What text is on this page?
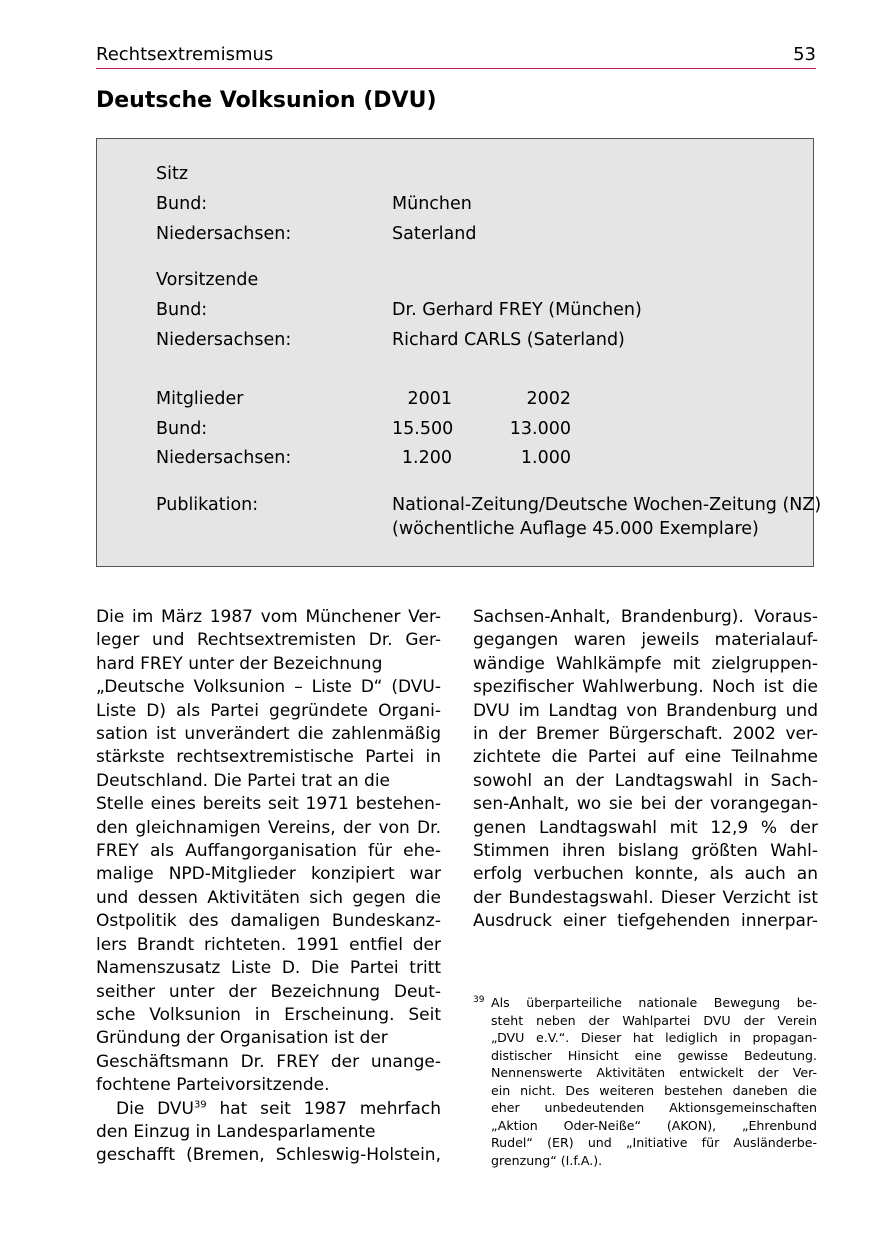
Rechtsextremismus	53
Deutsche Volksunion (DVU)
Sitz
Bund:	München
Niedersachsen:	Saterland
Vorsitzende
Bund:	Dr. Gerhard FREY (München)
Niedersachsen:	Richard CARLS (Saterland)
Mitglieder	2001	2002
Bund:	15.500	13.000
Niedersachsen:	1.200	1.000
Publikation:	National-Zeitung/Deutsche Wochen-Zeitung (NZ)
(wöchentliche Auflage 45.000 Exemplare)
Die im März 1987 vom Münchener Ver-
leger und Rechtsextremisten Dr. Ger-
hard FREY unter der Bezeichnung
„Deutsche Volksunion – Liste D“ (DVU-
Liste D) als Partei gegründete Organi-
sation ist unverändert die zahlenmäßig
stärkste rechtsextremistische Partei in
Deutschland. Die Partei trat an die
Stelle eines bereits seit 1971 bestehen-
den gleichnamigen Vereins, der von Dr.
FREY als Auffangorganisation für ehe-
malige NPD-Mitglieder konzipiert war
und dessen Aktivitäten sich gegen die
Ostpolitik des damaligen Bundeskanz-
lers Brandt richteten. 1991 entfiel der
Namenszusatz Liste D. Die Partei tritt
seither unter der Bezeichnung Deut-
sche Volksunion in Erscheinung. Seit
Gründung der Organisation ist der
Geschäftsmann Dr. FREY der unange-
fochtene Parteivorsitzende.
Die DVU$^{39}$ hat seit 1987 mehrfach
den Einzug in Landesparlamente
geschafft (Bremen, Schleswig-Holstein,
Sachsen-Anhalt, Brandenburg). Voraus-
gegangen waren jeweils materialauf-
wändige Wahlkämpfe mit zielgruppen-
spezifischer Wahlwerbung. Noch ist die
DVU im Landtag von Brandenburg und
in der Bremer Bürgerschaft. 2002 ver-
zichtete die Partei auf eine Teilnahme
sowohl an der Landtagswahl in Sach-
sen-Anhalt, wo sie bei der vorangegan-
genen Landtagswahl mit 12,9 % der
Stimmen ihren bislang größten Wahl-
erfolg verbuchen konnte, als auch an
der Bundestagswahl. Dieser Verzicht ist
Ausdruck einer tiefgehenden innerpar-
39 Als überparteiliche nationale Bewegung be-
steht neben der Wahlpartei DVU der Verein
„DVU e.V.“. Dieser hat lediglich in propagan-
distischer Hinsicht eine gewisse Bedeutung.
Nennenswerte Aktivitäten entwickelt der Ver-
ein nicht. Des weiteren bestehen daneben die
eher unbedeutenden Aktionsgemeinschaften
„Aktion Oder-Neiße“ (AKON), „Ehrenbund
Rudel“ (ER) und „Initiative für Ausländerbe-
grenzung“ (I.f.A.).
